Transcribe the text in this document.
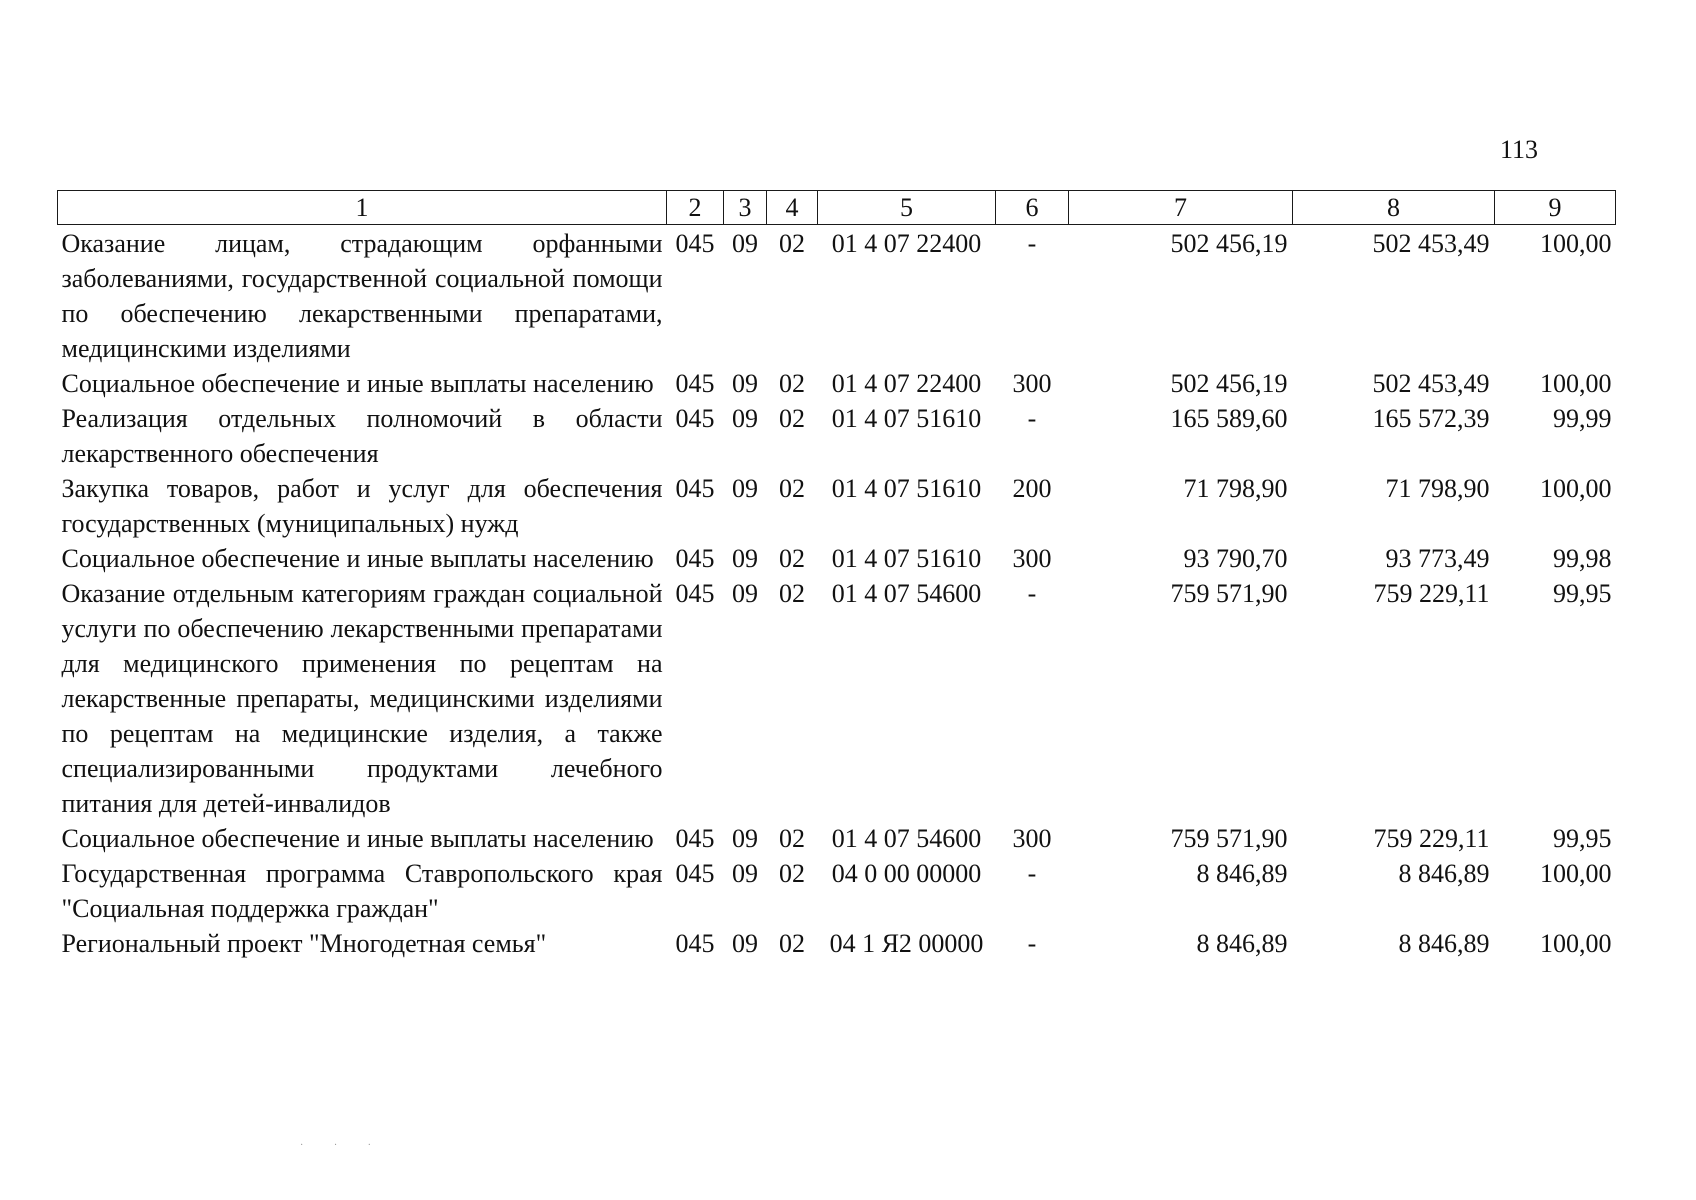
113
1	2	3	4	5	6	7	8	9
Оказание лицам, страдающим орфанными заболеваниями, государственной социальной помощи по обеспечению лекарственными препаратами, медицинскими изделиями	045	09	02	01 4 07 22400	-	502 456,19	502 453,49	100,00
Социальное обеспечение и иные выплаты населению	045	09	02	01 4 07 22400	300	502 456,19	502 453,49	100,00
Реализация отдельных полномочий в области лекарственного обеспечения	045	09	02	01 4 07 51610	-	165 589,60	165 572,39	99,99
Закупка товаров, работ и услуг для обеспечения государственных (муниципальных) нужд	045	09	02	01 4 07 51610	200	71 798,90	71 798,90	100,00
Социальное обеспечение и иные выплаты населению	045	09	02	01 4 07 51610	300	93 790,70	93 773,49	99,98
Оказание отдельным категориям граждан социальной услуги по обеспечению лекарственными препаратами для медицинского применения по рецептам на лекарственные препараты, медицинскими изделиями по рецептам на медицинские изделия, а также специализированными продуктами лечебного питания для детей-инвалидов	045	09	02	01 4 07 54600	-	759 571,90	759 229,11	99,95
Социальное обеспечение и иные выплаты населению	045	09	02	01 4 07 54600	300	759 571,90	759 229,11	99,95
Государственная программа Ставропольского края "Социальная поддержка граждан"	045	09	02	04 0 00 00000	-	8 846,89	8 846,89	100,00
Региональный проект "Многодетная семья"	045	09	02	04 1 Я2 00000	-	8 846,89	8 846,89	100,00
· · ·
